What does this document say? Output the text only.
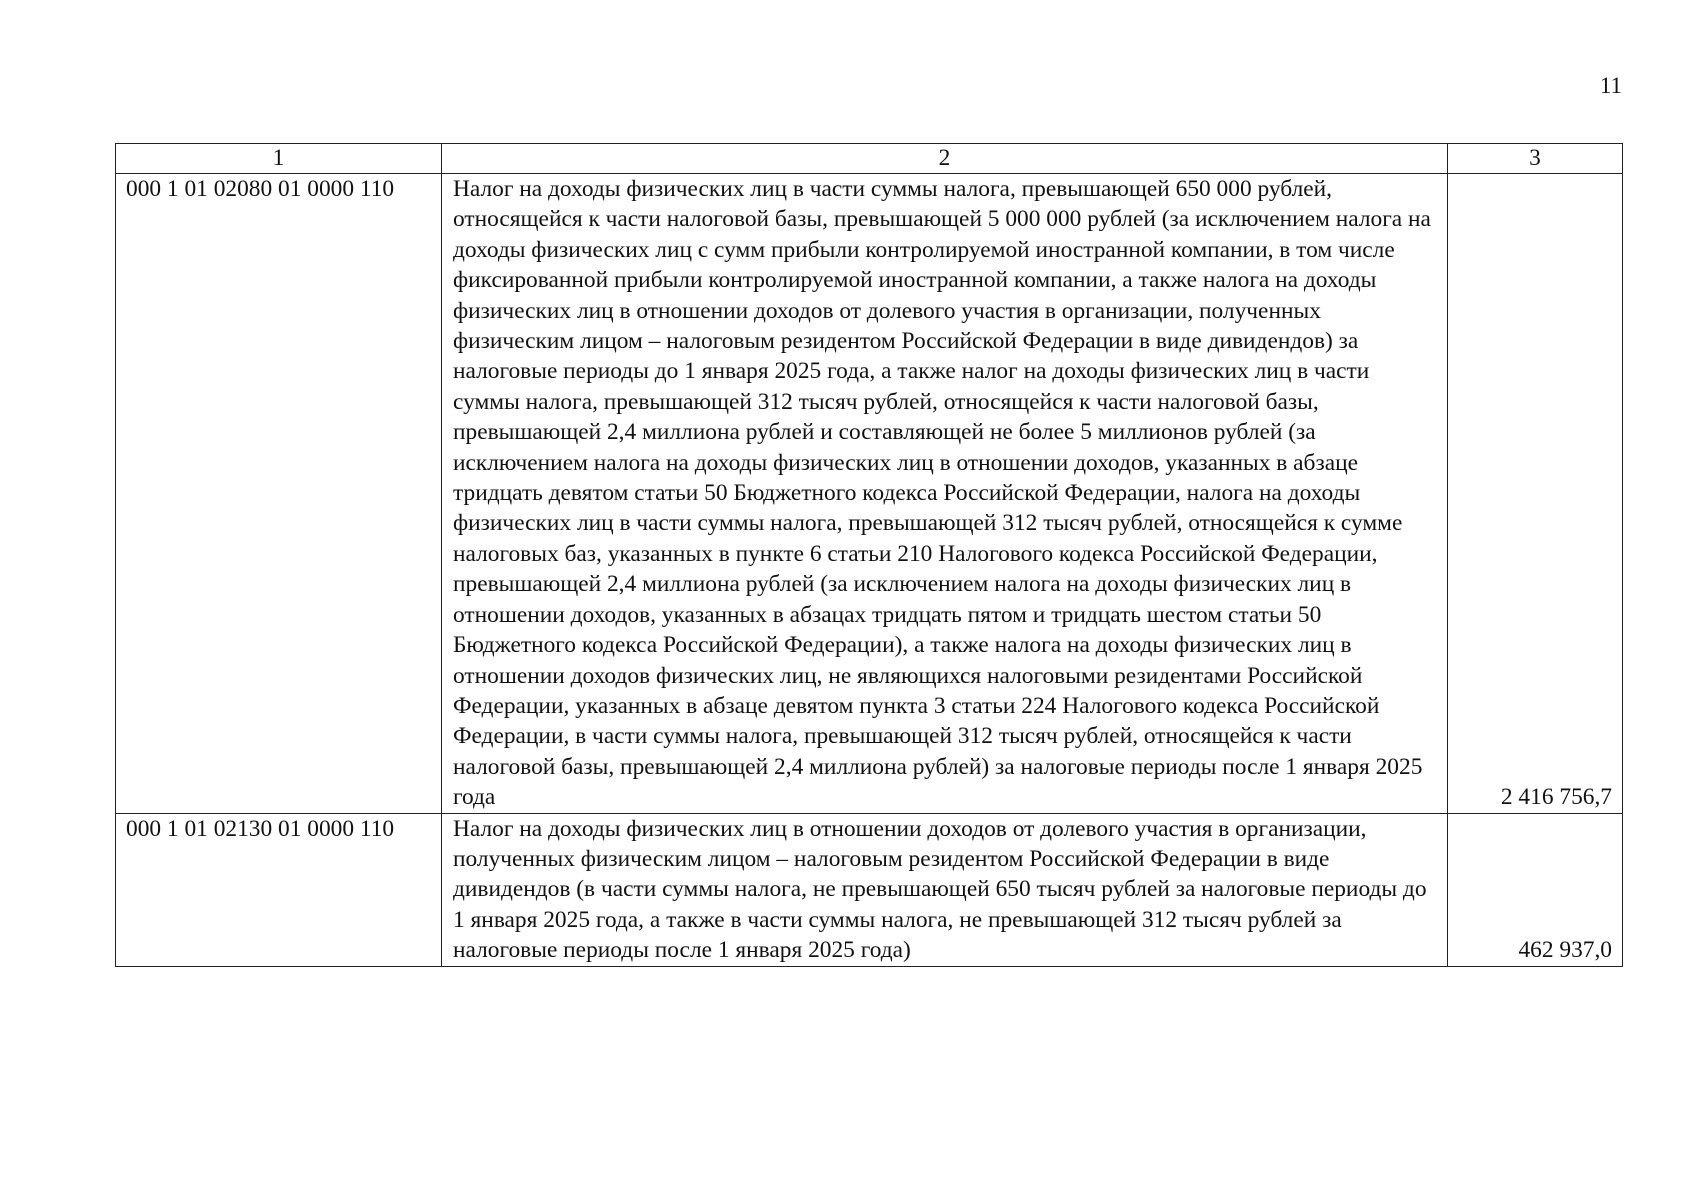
11
1	2	3
000 1 01 02080 01 0000 110	Налог на доходы физических лиц в части суммы налога, превышающей 650 000 рублей, относящейся к части налоговой базы, превышающей 5 000 000 рублей (за исключением налога на доходы физических лиц с сумм прибыли контролируемой иностранной компании, в том числе фиксированной прибыли контролируемой иностранной компании, а также налога на доходы физических лиц в отношении доходов от долевого участия в организации, полученных физическим лицом – налоговым резидентом Российской Федерации в виде дивидендов) за налоговые периоды до 1 января 2025 года, а также налог на доходы физических лиц в части суммы налога, превышающей 312 тысяч рублей, относящейся к части налоговой базы, превышающей 2,4 миллиона рублей и составляющей не более 5 миллионов рублей (за исключением налога на доходы физических лиц в отношении доходов, указанных в абзаце тридцать девятом статьи 50 Бюджетного кодекса Российской Федерации, налога на доходы физических лиц в части суммы налога, превышающей 312 тысяч рублей, относящейся к сумме налоговых баз, указанных в пункте 6 статьи 210 Налогового кодекса Российской Федерации, превышающей 2,4 миллиона рублей (за исключением налога на доходы физических лиц в отношении доходов, указанных в абзацах тридцать пятом и тридцать шестом статьи 50 Бюджетного кодекса Российской Федерации), а также налога на доходы физических лиц в отношении доходов физических лиц, не являющихся налоговыми резидентами Российской Федерации, указанных в абзаце девятом пункта 3 статьи 224 Налогового кодекса Российской Федерации, в части суммы налога, превышающей 312 тысяч рублей, относящейся к части налоговой базы, превышающей 2,4 миллиона рублей) за налоговые периоды после 1 января 2025 года	2 416 756,7
000 1 01 02130 01 0000 110	Налог на доходы физических лиц в отношении доходов от долевого участия в организации, полученных физическим лицом – налоговым резидентом Российской Федерации в виде дивидендов (в части суммы налога, не превышающей 650 тысяч рублей за налоговые периоды до 1 января 2025 года, а также в части суммы налога, не превышающей 312 тысяч рублей за налоговые периоды после 1 января 2025 года)	462 937,0
